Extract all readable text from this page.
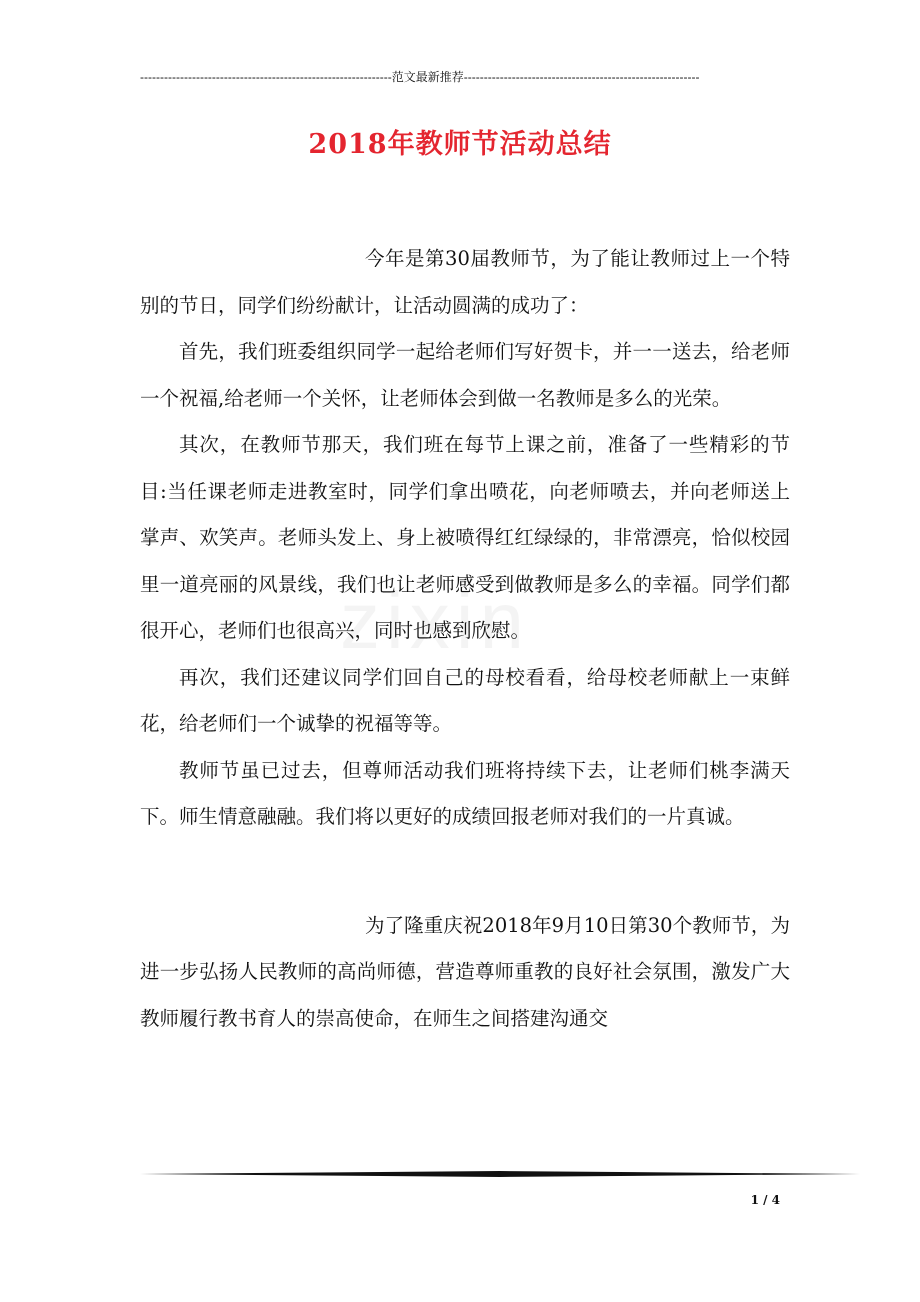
---------------------------------------------------------------范文最新推荐-----------------------------------------------------------
2018年教师节活动总结

今年是第30届教师节，为了能让教师过上一个特别的节日，同学们纷纷献计，让活动圆满的成功了：

首先，我们班委组织同学一起给老师们写好贺卡，并一一送去，给老师一个祝福,给老师一个关怀，让老师体会到做一名教师是多么的光荣。

其次，在教师节那天，我们班在每节上课之前，准备了一些精彩的节目:当任课老师走进教室时，同学们拿出喷花，向老师喷去，并向老师送上掌声、欢笑声。老师头发上、身上被喷得红红绿绿的，非常漂亮，恰似校园里一道亮丽的风景线，我们也让老师感受到做教师是多么的幸福。同学们都很开心，老师们也很高兴，同时也感到欣慰。

再次，我们还建议同学们回自己的母校看看，给母校老师献上一束鲜花，给老师们一个诚挚的祝福等等。

教师节虽已过去，但尊师活动我们班将持续下去，让老师们桃李满天下。师生情意融融。我们将以更好的成绩回报老师对我们的一片真诚。

为了隆重庆祝2018年9月10日第30个教师节，为进一步弘扬人民教师的高尚师德，营造尊师重教的良好社会氛围，激发广大教师履行教书育人的崇高使命，在师生之间搭建沟通交

1 / 4
